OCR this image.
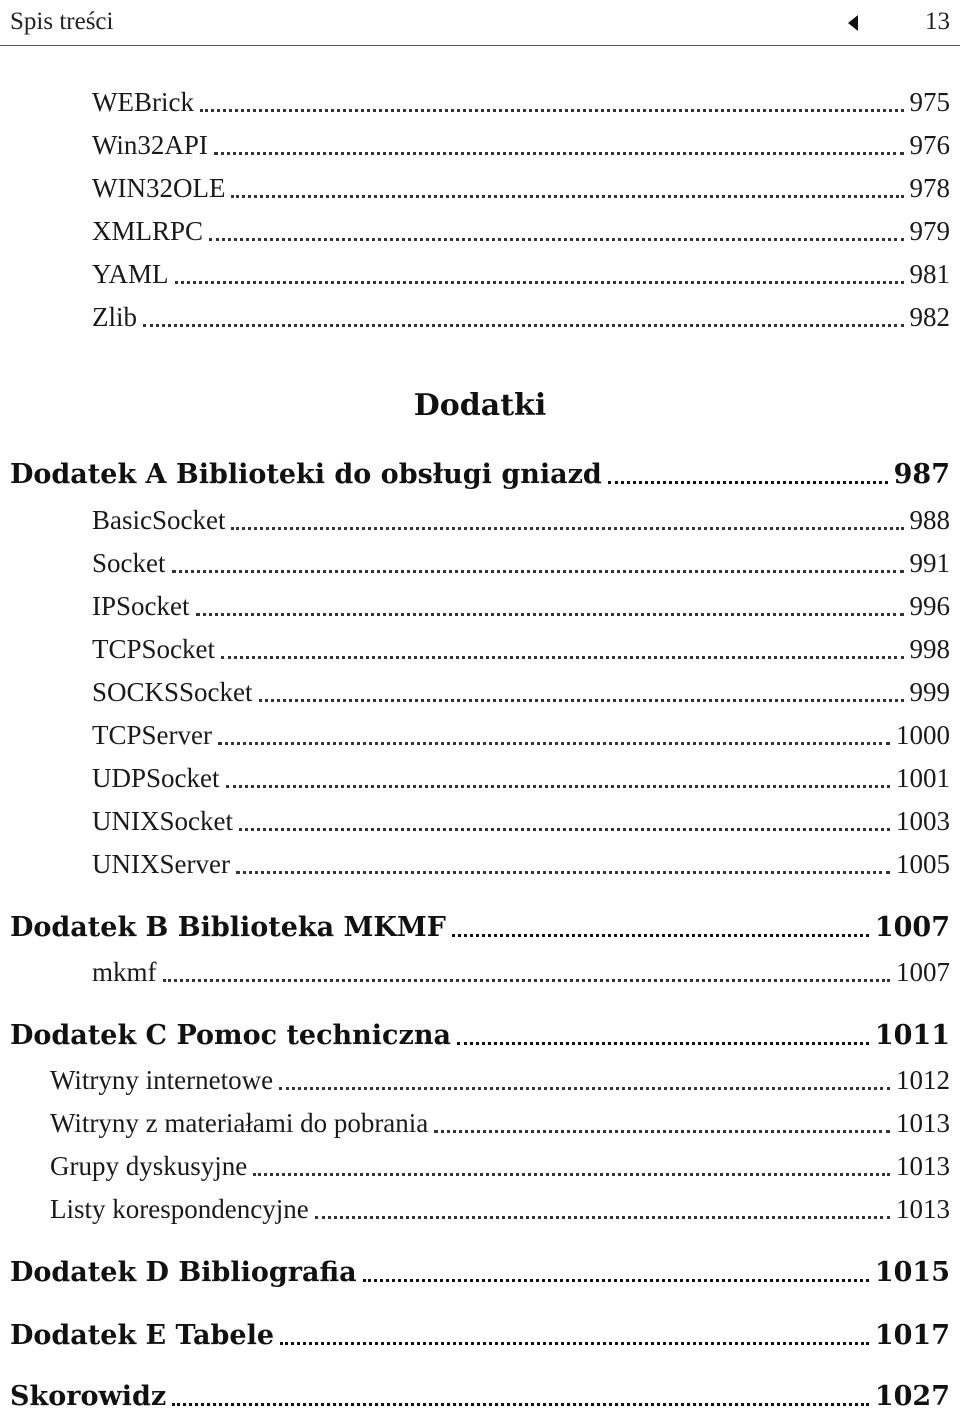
Spis treści	13
WEBrick	975
Win32API	976
WIN32OLE	978
XMLRPC	979
YAML	981
Zlib	982
Dodatki
Dodatek A Biblioteki do obsługi gniazd	987
BasicSocket	988
Socket	991
IPSocket	996
TCPSocket	998
SOCKSSocket	999
TCPServer	1000
UDPSocket	1001
UNIXSocket	1003
UNIXServer	1005
Dodatek B Biblioteka MKMF	1007
mkmf	1007
Dodatek C Pomoc techniczna	1011
Witryny internetowe	1012
Witryny z materiałami do pobrania	1013
Grupy dyskusyjne	1013
Listy korespondencyjne	1013
Dodatek D Bibliografia	1015
Dodatek E Tabele	1017
Skorowidz	1027
